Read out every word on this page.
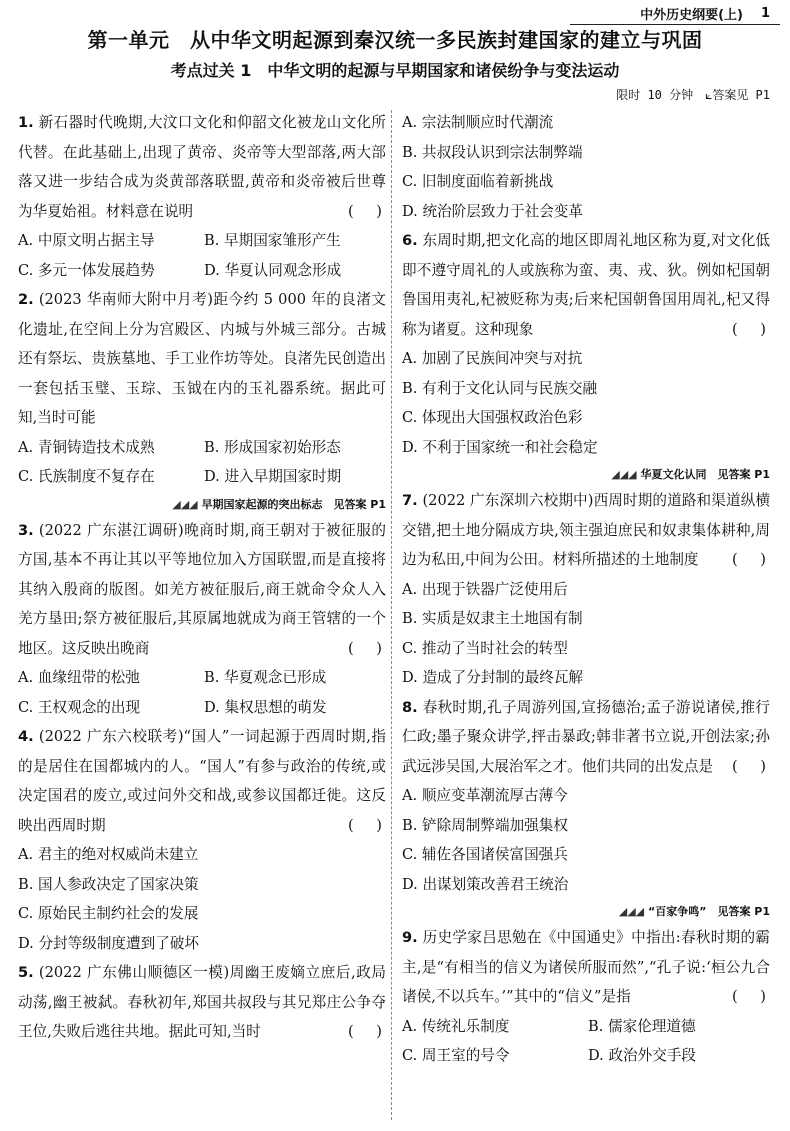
中外历史纲要(上) 1
第一单元　从中华文明起源到秦汉统一多民族封建国家的建立与巩固
考点过关 1　中华文明的起源与早期国家和诸侯纷争与变法运动
限时 10 分钟　⟀答案见 P1
1. 新石器时代晚期,大汶口文化和仰韶文化被龙山文化所代替。在此基础上,出现了黄帝、炎帝等大型部落,两大部落又进一步结合成为炎黄部落联盟,黄帝和炎帝被后世尊为华夏始祖。材料意在说明	(　)
A. 中原文明占据主导	B. 早期国家雏形产生
C. 多元一体发展趋势	D. 华夏认同观念形成
2. (2023 华南师大附中月考)距今约 5 000 年的良渚文化遗址,在空间上分为宫殿区、内城与外城三部分。古城还有祭坛、贵族墓地、手工业作坊等处。良渚先民创造出一套包括玉璧、玉琮、玉钺在内的玉礼器系统。据此可知,当时可能
A. 青铜铸造技术成熟	B. 形成国家初始形态
C. 氏族制度不复存在	D. 进入早期国家时期
◢◢◢ 早期国家起源的突出标志　见答案 P1
3. (2022 广东湛江调研)晚商时期,商王朝对于被征服的方国,基本不再让其以平等地位加入方国联盟,而是直接将其纳入殷商的版图。如羌方被征服后,商王就命令众人入羌方垦田;祭方被征服后,其原属地就成为商王管辖的一个地区。这反映出晚商	(　)
A. 血缘纽带的松弛	B. 华夏观念已形成
C. 王权观念的出现	D. 集权思想的萌发
4. (2022 广东六校联考)“国人”一词起源于西周时期,指的是居住在国都城内的人。“国人”有参与政治的传统,或决定国君的废立,或过问外交和战,或参议国都迁徙。这反映出西周时期	(　)
A. 君主的绝对权威尚未建立
B. 国人参政决定了国家决策
C. 原始民主制约社会的发展
D. 分封等级制度遭到了破坏
5. (2022 广东佛山顺德区一模)周幽王废嫡立庶后,政局动荡,幽王被弑。春秋初年,郑国共叔段与其兄郑庄公争夺王位,失败后逃往共地。据此可知,当时	(　)
A. 宗法制顺应时代潮流
B. 共叔段认识到宗法制弊端
C. 旧制度面临着新挑战
D. 统治阶层致力于社会变革
6. 东周时期,把文化高的地区即周礼地区称为夏,对文化低即不遵守周礼的人或族称为蛮、夷、戎、狄。例如杞国朝鲁国用夷礼,杞被贬称为夷;后来杞国朝鲁国用周礼,杞又得称为诸夏。这种现象	(　)
A. 加剧了民族间冲突与对抗
B. 有利于文化认同与民族交融
C. 体现出大国强权政治色彩
D. 不利于国家统一和社会稳定
◢◢◢ 华夏文化认同　见答案 P1
7. (2022 广东深圳六校期中)西周时期的道路和渠道纵横交错,把土地分隔成方块,领主强迫庶民和奴隶集体耕种,周边为私田,中间为公田。材料所描述的土地制度 (　)
A. 出现于铁器广泛使用后
B. 实质是奴隶主土地国有制
C. 推动了当时社会的转型
D. 造成了分封制的最终瓦解
8. 春秋时期,孔子周游列国,宣扬德治;孟子游说诸侯,推行仁政;墨子聚众讲学,抨击暴政;韩非著书立说,开创法家;孙武远涉吴国,大展治军之才。他们共同的出发点是 (　)
A. 顺应变革潮流厚古薄今
B. 铲除周制弊端加强集权
C. 辅佐各国诸侯富国强兵
D. 出谋划策改善君王统治
◢◢◢ “百家争鸣”　见答案 P1
9. 历史学家吕思勉在《中国通史》中指出:春秋时期的霸主,是“有相当的信义为诸侯所服而然”,“孔子说:‘桓公九合诸侯,不以兵车。’”其中的“信义”是指	(　)
A. 传统礼乐制度	B. 儒家伦理道德
C. 周王室的号令	D. 政治外交手段
